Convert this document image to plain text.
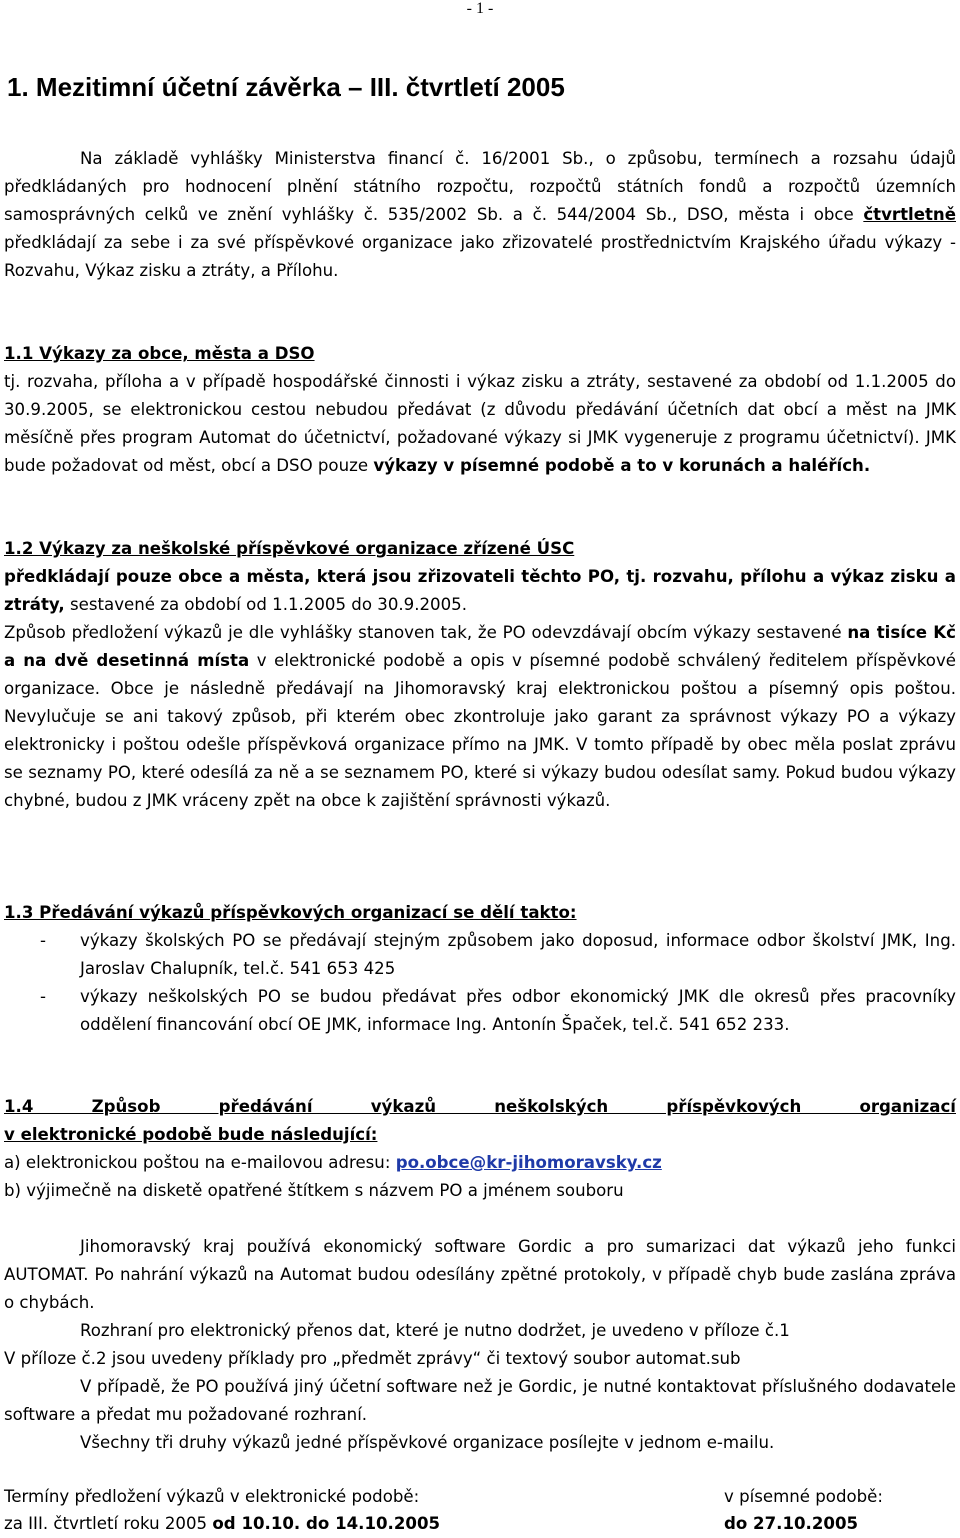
- 1 -
1. Mezitimní účetní závěrka – III. čtvrtletí 2005
Na základě vyhlášky Ministerstva financí č. 16/2001 Sb., o způsobu, termínech a rozsahu údajů předkládaných pro hodnocení plnění státního rozpočtu, rozpočtů státních fondů a rozpočtů územních samosprávných celků ve znění vyhlášky č. 535/2002 Sb. a č. 544/2004 Sb., DSO, města i obce čtvrtletně předkládají za sebe i za své příspěvkové organizace jako zřizovatelé prostřednictvím Krajského úřadu výkazy - Rozvahu, Výkaz zisku a ztráty, a Přílohu.
1.1 Výkazy za obce, města a DSO
tj. rozvaha, příloha a v případě hospodářské činnosti i výkaz zisku a ztráty, sestavené za období od 1.1.2005 do 30.9.2005, se elektronickou cestou nebudou předávat (z důvodu předávání účetních dat obcí a měst na JMK měsíčně přes program Automat do účetnictví, požadované výkazy si JMK vygeneruje z programu účetnictví). JMK bude požadovat od měst, obcí a DSO pouze výkazy v písemné podobě a to v korunách a haléřích.
1.2 Výkazy za neškolské příspěvkové organizace zřízené ÚSC
předkládají pouze obce a města, která jsou zřizovateli těchto PO, tj. rozvahu, přílohu a výkaz zisku a ztráty, sestavené za období od 1.1.2005 do 30.9.2005.
Způsob předložení výkazů je dle vyhlášky stanoven tak, že PO odevzdávají obcím výkazy sestavené na tisíce Kč a na dvě desetinná místa v elektronické podobě a opis v písemné podobě schválený ředitelem příspěvkové organizace. Obce je následně předávají na Jihomoravský kraj elektronickou poštou a písemný opis poštou. Nevylučuje se ani takový způsob, při kterém obec zkontroluje jako garant za správnost výkazy PO a výkazy elektronicky i poštou odešle příspěvková organizace přímo na JMK. V tomto případě by obec měla poslat zprávu se seznamy PO, které odesílá za ně a se seznamem PO, které si výkazy budou odesílat samy. Pokud budou výkazy chybné, budou z JMK vráceny zpět na obce k zajištění správnosti výkazů.
1.3 Předávání výkazů příspěvkových organizací se dělí takto:
- výkazy školských PO se předávají stejným způsobem jako doposud, informace odbor školství JMK, Ing. Jaroslav Chalupník, tel.č. 541 653 425
- výkazy neškolských PO se budou předávat přes odbor ekonomický JMK dle okresů přes pracovníky oddělení financování obcí OE JMK, informace Ing. Antonín Špaček, tel.č. 541 652 233.
1.4   Způsob   předávání   výkazů   neškolských   příspěvkových   organizací
v elektronické podobě bude následující:
a) elektronickou poštou na e-mailovou adresu: po.obce@kr-jihomoravsky.cz
b) výjimečně na disketě opatřené štítkem s názvem PO a jménem souboru
Jihomoravský kraj používá ekonomický software Gordic a pro sumarizaci dat výkazů jeho funkci AUTOMAT. Po nahrání výkazů na Automat budou odesílány zpětné protokoly, v případě chyb bude zaslána zpráva o chybách.
Rozhraní pro elektronický přenos dat, které je nutno dodržet, je uvedeno v příloze č.1
V příloze č.2 jsou uvedeny příklady pro „předmět zprávy“ či textový soubor automat.sub
V případě, že PO používá jiný účetní software než je Gordic, je nutné kontaktovat příslušného dodavatele software a předat mu požadované rozhraní.
Všechny tři druhy výkazů jedné příspěvkové organizace posílejte v jednom e-mailu.
Termíny předložení výkazů v elektronické podobě:	v písemné podobě:
za III. čtvrtletí roku 2005 od 10.10. do 14.10.2005	do 27.10.2005
